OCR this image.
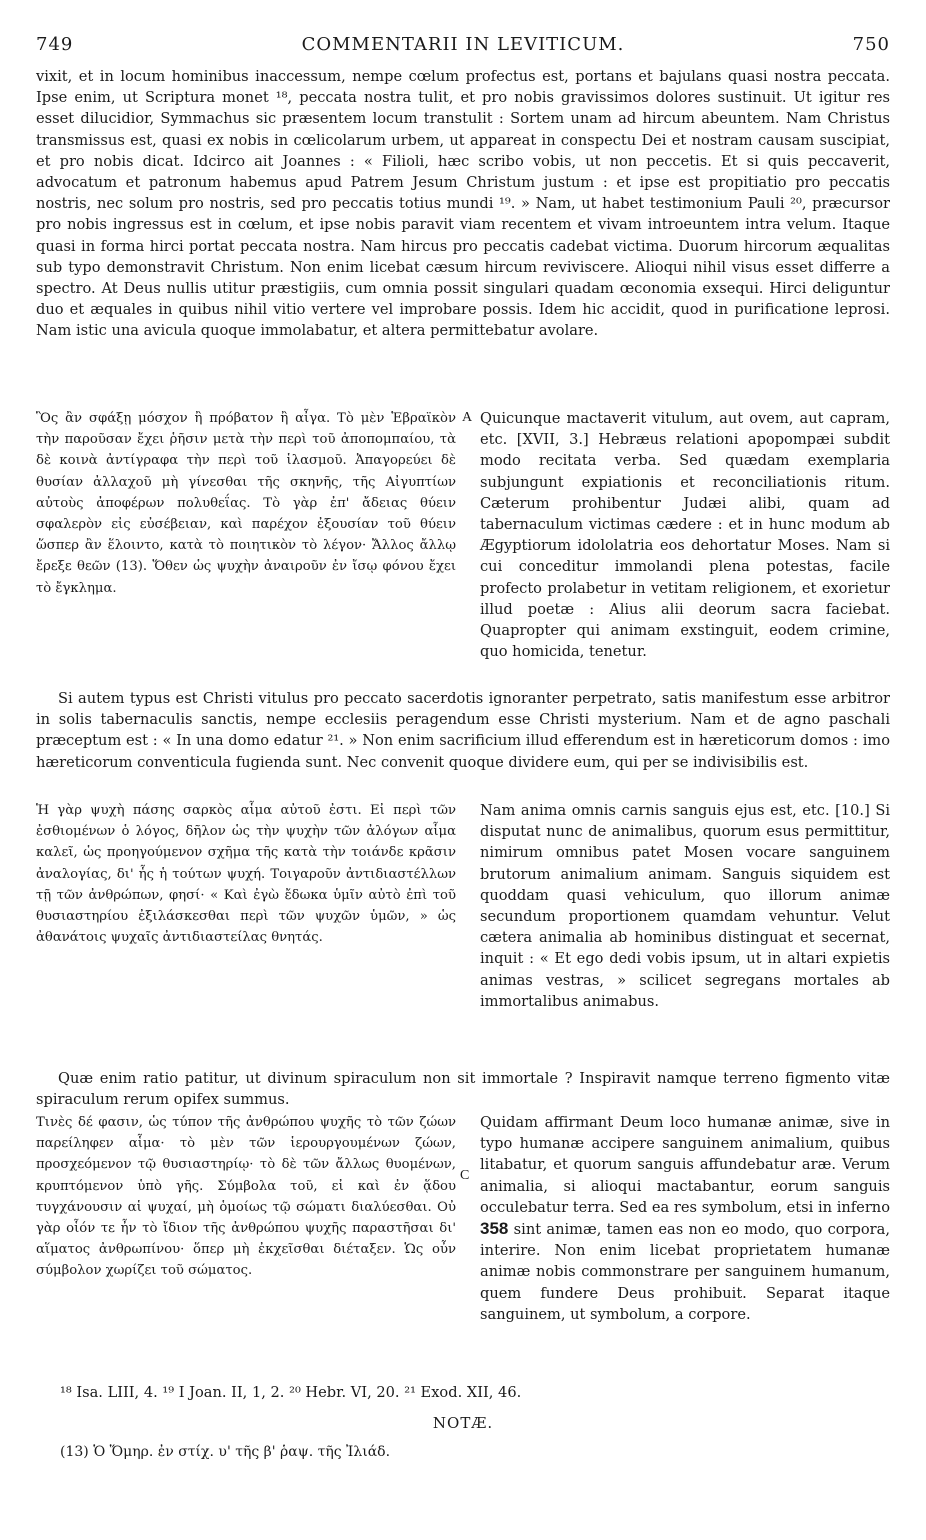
749	COMMENTARII IN LEVITICUM.	750

vixit, et in locum hominibus inaccessum, nempe cœlum profectus est, portans et bajulans quasi nostra peccata. Ipse enim, ut Scriptura monet ¹⁸, peccata nostra tulit, et pro nobis gravissimos dolores sustinuit. Ut igitur res esset dilucidior, Symmachus sic præsentem locum transtulit : Sortem unam ad hircum abeuntem. Nam Christus transmissus est, quasi ex nobis in cœlicolarum urbem, ut appareat in conspectu Dei et nostram causam suscipiat, et pro nobis dicat. Idcirco ait Joannes : « Filioli, hæc scribo vobis, ut non peccetis. Et si quis peccaverit, advocatum et patronum habemus apud Patrem Jesum Christum justum : et ipse est propitiatio pro peccatis nostris, nec solum pro nostris, sed pro peccatis totius mundi ¹⁹. » Nam, ut habet testimonium Pauli ²⁰, præcursor pro nobis ingressus est in cœlum, et ipse nobis paravit viam recentem et vivam introeuntem intra velum. Itaque quasi in forma hirci portat peccata nostra. Nam hircus pro peccatis cadebat victima. Duorum hircorum æqualitas sub typo demonstravit Christum. Non enim licebat cæsum hircum reviviscere. Alioqui nihil visus esset differre a spectro. At Deus nullis utitur præstigiis, cum omnia possit singulari quadam œconomia exsequi. Hirci deliguntur duo et æquales in quibus nihil vitio vertere vel improbare possis. Idem hic accidit, quod in purificatione leprosi. Nam istic una avicula quoque immolabatur, et altera permittebatur avolare.

Ὃς ἂν σφάξῃ μόσχον ἢ πρόβατον ἢ αἶγα. Τὸ μὲν Ἑβραϊκὸν τὴν παροῦσαν ἔχει ῥῆσιν μετὰ τὴν περὶ τοῦ ἀποπομπαίου, τὰ δὲ κοινὰ ἀντίγραφα τὴν περὶ τοῦ ἱλασμοῦ. Ἀπαγορεύει δὲ θυσίαν ἀλλαχοῦ μὴ γίνεσθαι τῆς σκηνῆς, τῆς Αἰγυπτίων αὐτοὺς ἀποφέρων πολυθεΐας. Τὸ γὰρ ἐπ' ἄδειας θύειν σφαλερὸν εἰς εὐσέβειαν, καὶ παρέχον ἐξουσίαν τοῦ θύειν ὥσπερ ἂν ἕλοιντο, κατὰ τὸ ποιητικὸν τὸ λέγον· Ἄλλος ἄλλῳ ἔρεξε θεῶν (13). Ὅθεν ὡς ψυχὴν ἀναιροῦν ἐν ἴσῳ φόνου ἔχει τὸ ἔγκλημα.

A Quicunque mactaverit vitulum, aut ovem, aut capram, etc. [XVII, 3.] Hebræus relationi apopompæi subdit modo recitata verba. Sed quædam exemplaria subjungunt expiationis et reconciliationis ritum. Cæterum prohibentur Judæi alibi, quam ad tabernaculum victimas cædere : et in hunc modum ab Ægyptiorum idololatria eos dehortatur Moses. Nam si cui conceditur immolandi plena potestas, facile profecto prolabetur in vetitam religionem, et exorietur illud poetæ : Alius alii deorum sacra faciebat. Quapropter qui animam exstinguit, eodem crimine, quo homicida, tenetur.

Si autem typus est Christi vitulus pro peccato sacerdotis ignoranter perpetrato, satis manifestum esse arbitror in solis tabernaculis sanctis, nempe ecclesiis peragendum esse Christi mysterium. Nam et de agno paschali præceptum est : « In una domo edatur ²¹. » Non enim sacrificium illud efferendum est in hæreticorum domos : imo hæreticorum conventicula fugienda sunt. Nec convenit quoque dividere eum, qui per se indivisibilis est.

Ἡ γὰρ ψυχὴ πάσης σαρκὸς αἷμα αὐτοῦ ἐστι. Εἰ περὶ τῶν ἐσθιομένων ὁ λόγος, δῆλον ὡς τὴν ψυχὴν τῶν ἀλόγων αἷμα καλεῖ, ὡς προηγούμενον σχῆμα τῆς κατὰ τὴν τοιάνδε κρᾶσιν ἀναλογίας, δι' ἧς ἡ τούτων ψυχή. Τοιγαροῦν ἀντιδιαστέλλων τῇ τῶν ἀνθρώπων, φησί· « Καὶ ἐγὼ ἔδωκα ὑμῖν αὐτὸ ἐπὶ τοῦ θυσιαστηρίου ἐξιλάσκεσθαι περὶ τῶν ψυχῶν ὑμῶν, » ὡς ἀθανάτοις ψυχαῖς ἀντιδιαστείλας θνητάς.

Nam anima omnis carnis sanguis ejus est, etc. [10.] Si disputat nunc de animalibus, quorum esus permittitur, nimirum omnibus patet Mosen vocare sanguinem brutorum animalium animam. Sanguis siquidem est quoddam quasi vehiculum, quo illorum animæ secundum proportionem quamdam vehuntur. Velut cætera animalia ab hominibus distinguat et secernat, inquit : « Et ego dedi vobis ipsum, ut in altari expietis animas vestras, » scilicet segregans mortales ab immortalibus animabus.

Quæ enim ratio patitur, ut divinum spiraculum non sit immortale ? Inspiravit namque terreno figmento vitæ spiraculum rerum opifex summus.

Τινὲς δέ φασιν, ὡς τύπον τῆς ἀνθρώπου ψυχῆς τὸ τῶν ζώων παρείληφεν αἷμα· τὸ μὲν τῶν ἱερουργουμένων ζώων, προσχεόμενον τῷ θυσιαστηρίῳ· τὸ δὲ τῶν ἄλλως θυομένων, κρυπτόμενον ὑπὸ γῆς. Σύμβολα τοῦ, εἰ καὶ ἐν ᾅδου τυγχάνουσιν αἱ ψυχαί, μὴ ὁμοίως τῷ σώματι διαλύεσθαι. Οὐ γὰρ οἷόν τε ἦν τὸ ἴδιον τῆς ἀνθρώπου ψυχῆς παραστῆσαι δι' αἵματος ἀνθρωπίνου· ὅπερ μὴ ἐκχεῖσθαι διέταξεν. Ὡς οὖν σύμβολον χωρίζει τοῦ σώματος.

C

Quidam affirmant Deum loco humanæ animæ, sive in typo humanæ accipere sanguinem animalium, quibus litabatur, et quorum sanguis affundebatur aræ. Verum animalia, si alioqui mactabantur, eorum sanguis occulebatur terra. Sed ea res symbolum, etsi in inferno 358 sint animæ, tamen eas non eo modo, quo corpora, interire. Non enim licebat proprietatem humanæ animæ nobis commonstrare per sanguinem humanum, quem fundere Deus prohibuit. Separat itaque sanguinem, ut symbolum, a corpore.

¹⁸ Isa. LIII, 4. ¹⁹ I Joan. II, 1, 2. ²⁰ Hebr. VI, 20. ²¹ Exod. XII, 46.
NOTÆ.
(13) Ὁ Ὅμηρ. ἐν στίχ. υ' τῆς β' ῥαψ. τῆς Ἰλιάδ.
